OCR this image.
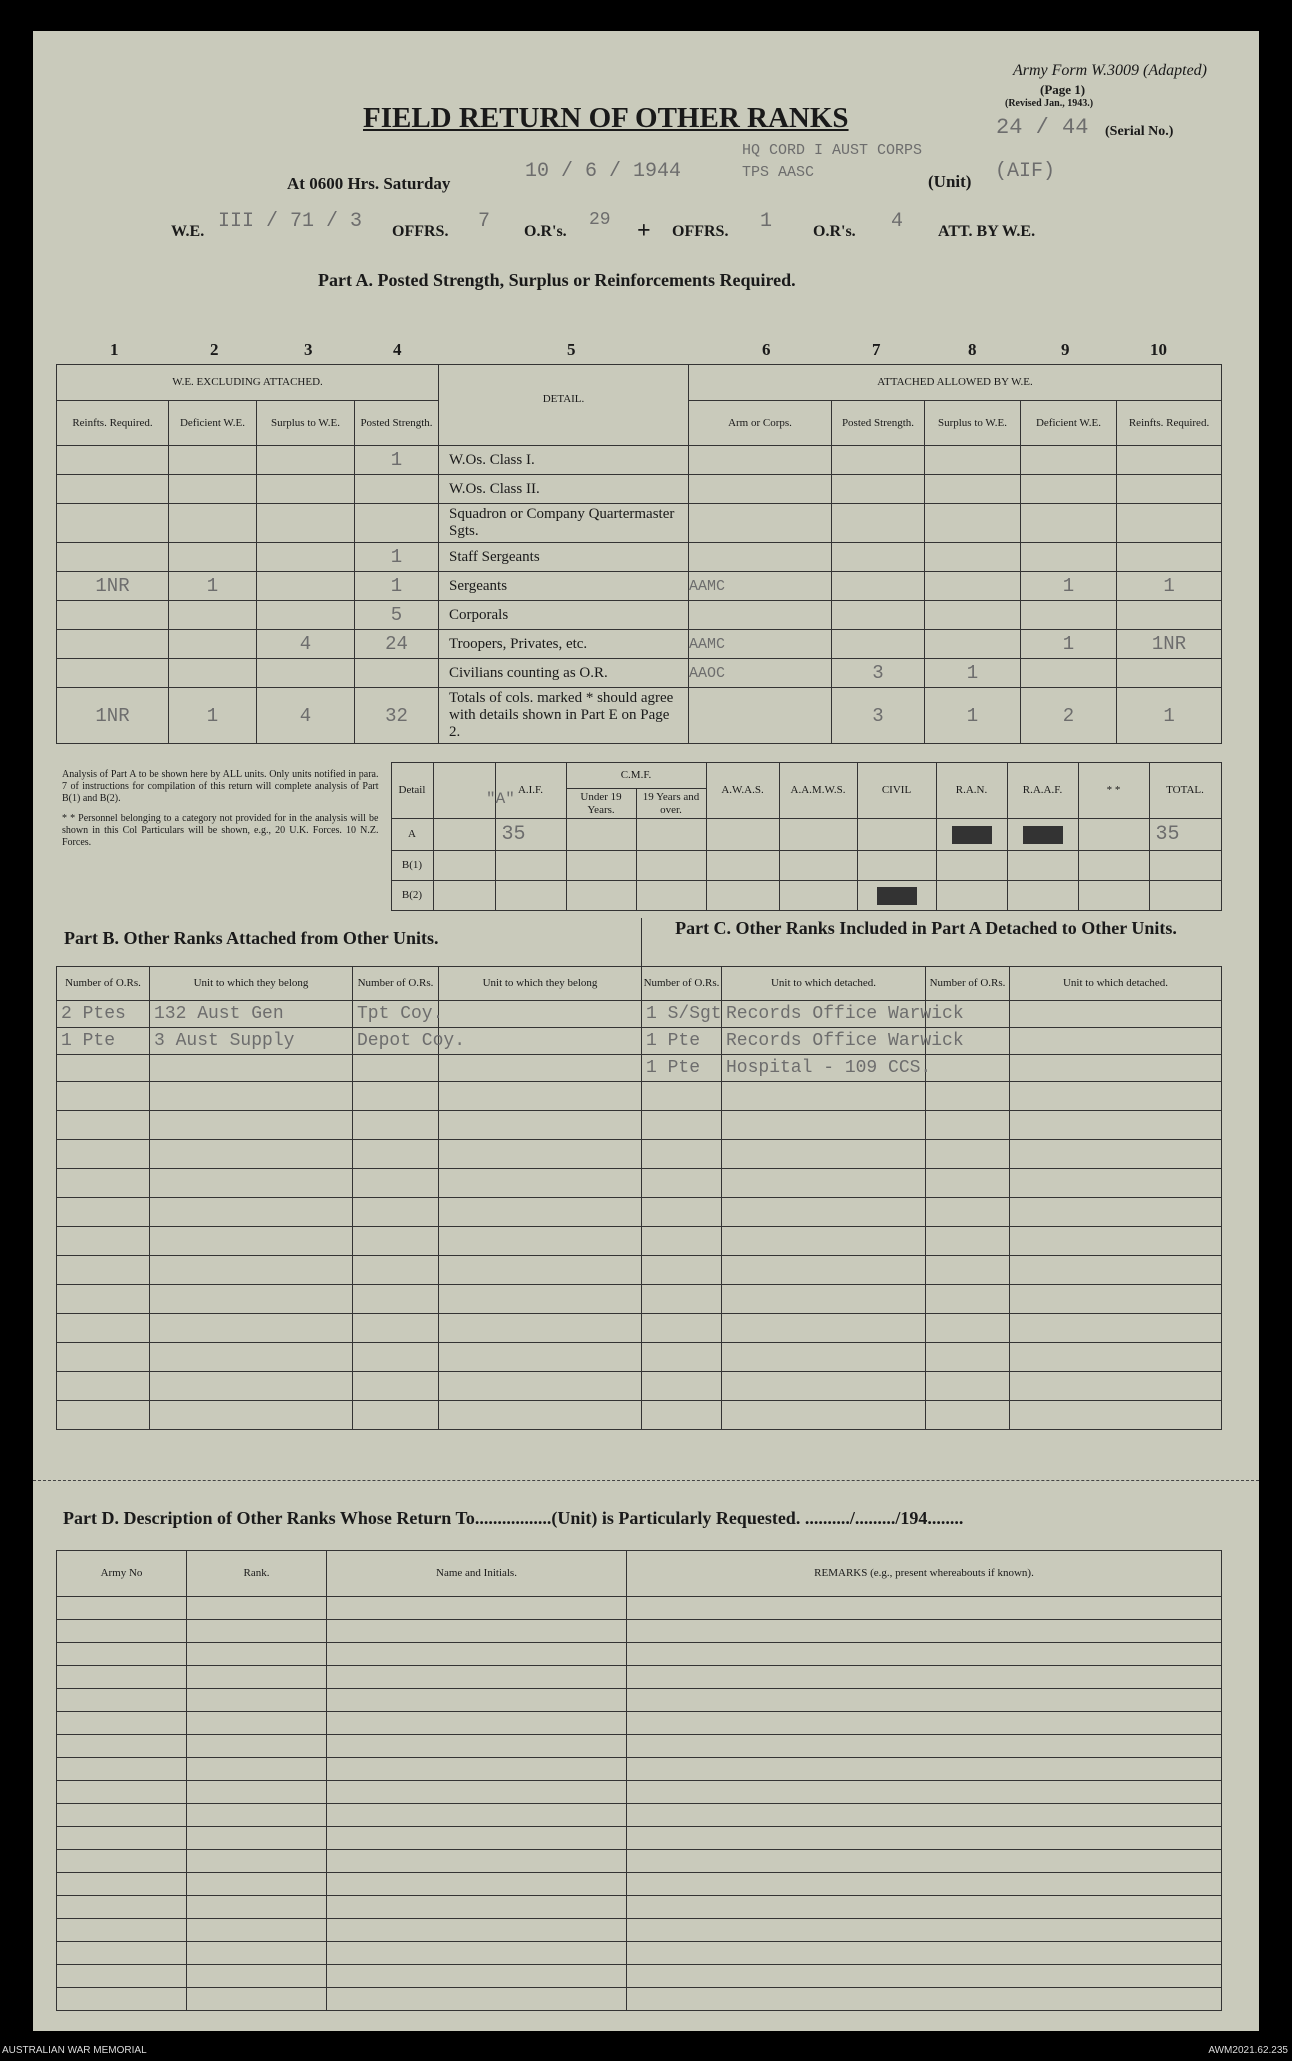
Army Form W.3009 (Adapted)
(Page 1)
(Revised Jan., 1943.)
FIELD RETURN OF OTHER RANKS	24 / 44 (Serial No.)
At 0600 Hrs. Saturday
10 / 6 / 1944
HQ CORD I AUST CORPS TPS AASC	(Unit) (AIF)
W.E. III / 71 / 3 OFFRS. 7 O.R's.
29 + OFFRS. 1	O.R's. 4 ATT. BY W.E.
Part A. Posted Strength, Surplus or Reinforcements Required.
1	2	3	4	5	6	7	8	9	10
W.E. EXCLUDING ATTACHED.				DETAIL.	ATTACHED ALLOWED BY W.E.				
Reinfts. Required.	Deficient W.E.	Surplus to W.E.	Posted Strength.		Arm or Corps.	Posted Strength.	Surplus to W.E.	Deficient W.E.	Reinfts. Required.
			1	W.Os. Class I.					
				W.Os. Class II.					
				Squadron or Company Quartermaster Sgts.					
			1	Staff Sergeants					
1NR	1		1	Sergeants	AAMC			1	1
			5	Corporals					
		4	24	Troopers, Privates, etc.	AAMC			1	1NR
				Civilians counting as O.R.	AAOC	3	1		
1NR	1	4	32	Totals of cols. marked * should agree with details shown in Part E on Page 2.		3	1	2	1
Analysis of Part A to be shown here by ALL units. Only units notified in para. 7 of instructions for compilation of this return will complete analysis of Part B(1) and B(2).
* * Personnel belonging to a category not provided for in the analysis will be shown in this Col Particulars will be shown, e.g., 20 U.K. Forces. 10 N.Z. Forces.	Detail		A.I.F.	C.M.F.		A.W.A.S.	A.A.M.W.S.	CIVIL	R.A.N.	R.A.A.F.	* *	TOTAL.
				Under 19 Years.	19 Years and over.							
	A		35									35
	B(1)											
	B(2)											
"A"
Part B. Other Ranks Attached from Other Units.	Part C. Other Ranks Included in Part A Detached to Other Units.
Number of O.Rs.	Unit to which they belong	Number of O.Rs.	Unit to which they belong	Number of O.Rs.	Unit to which detached.	Number of O.Rs.	Unit to which detached.
2 Ptes	132 Aust Gen	Tpt Coy.		1 S/Sgt	Records Office Warwick		
1 Pte	3 Aust Supply	Depot Coy.		1 Pte	Records Office Warwick		
				1 Pte	Hospital - 109 CCS.		

Part D. Description of Other Ranks Whose Return To.................(Unit) is Particularly Requested. ........../........./194........
Army No	Rank.	Name and Initials.	REMARKS (e.g., present whereabouts if known).

AUSTRALIAN WAR MEMORIAL	AWM2021.62.235
